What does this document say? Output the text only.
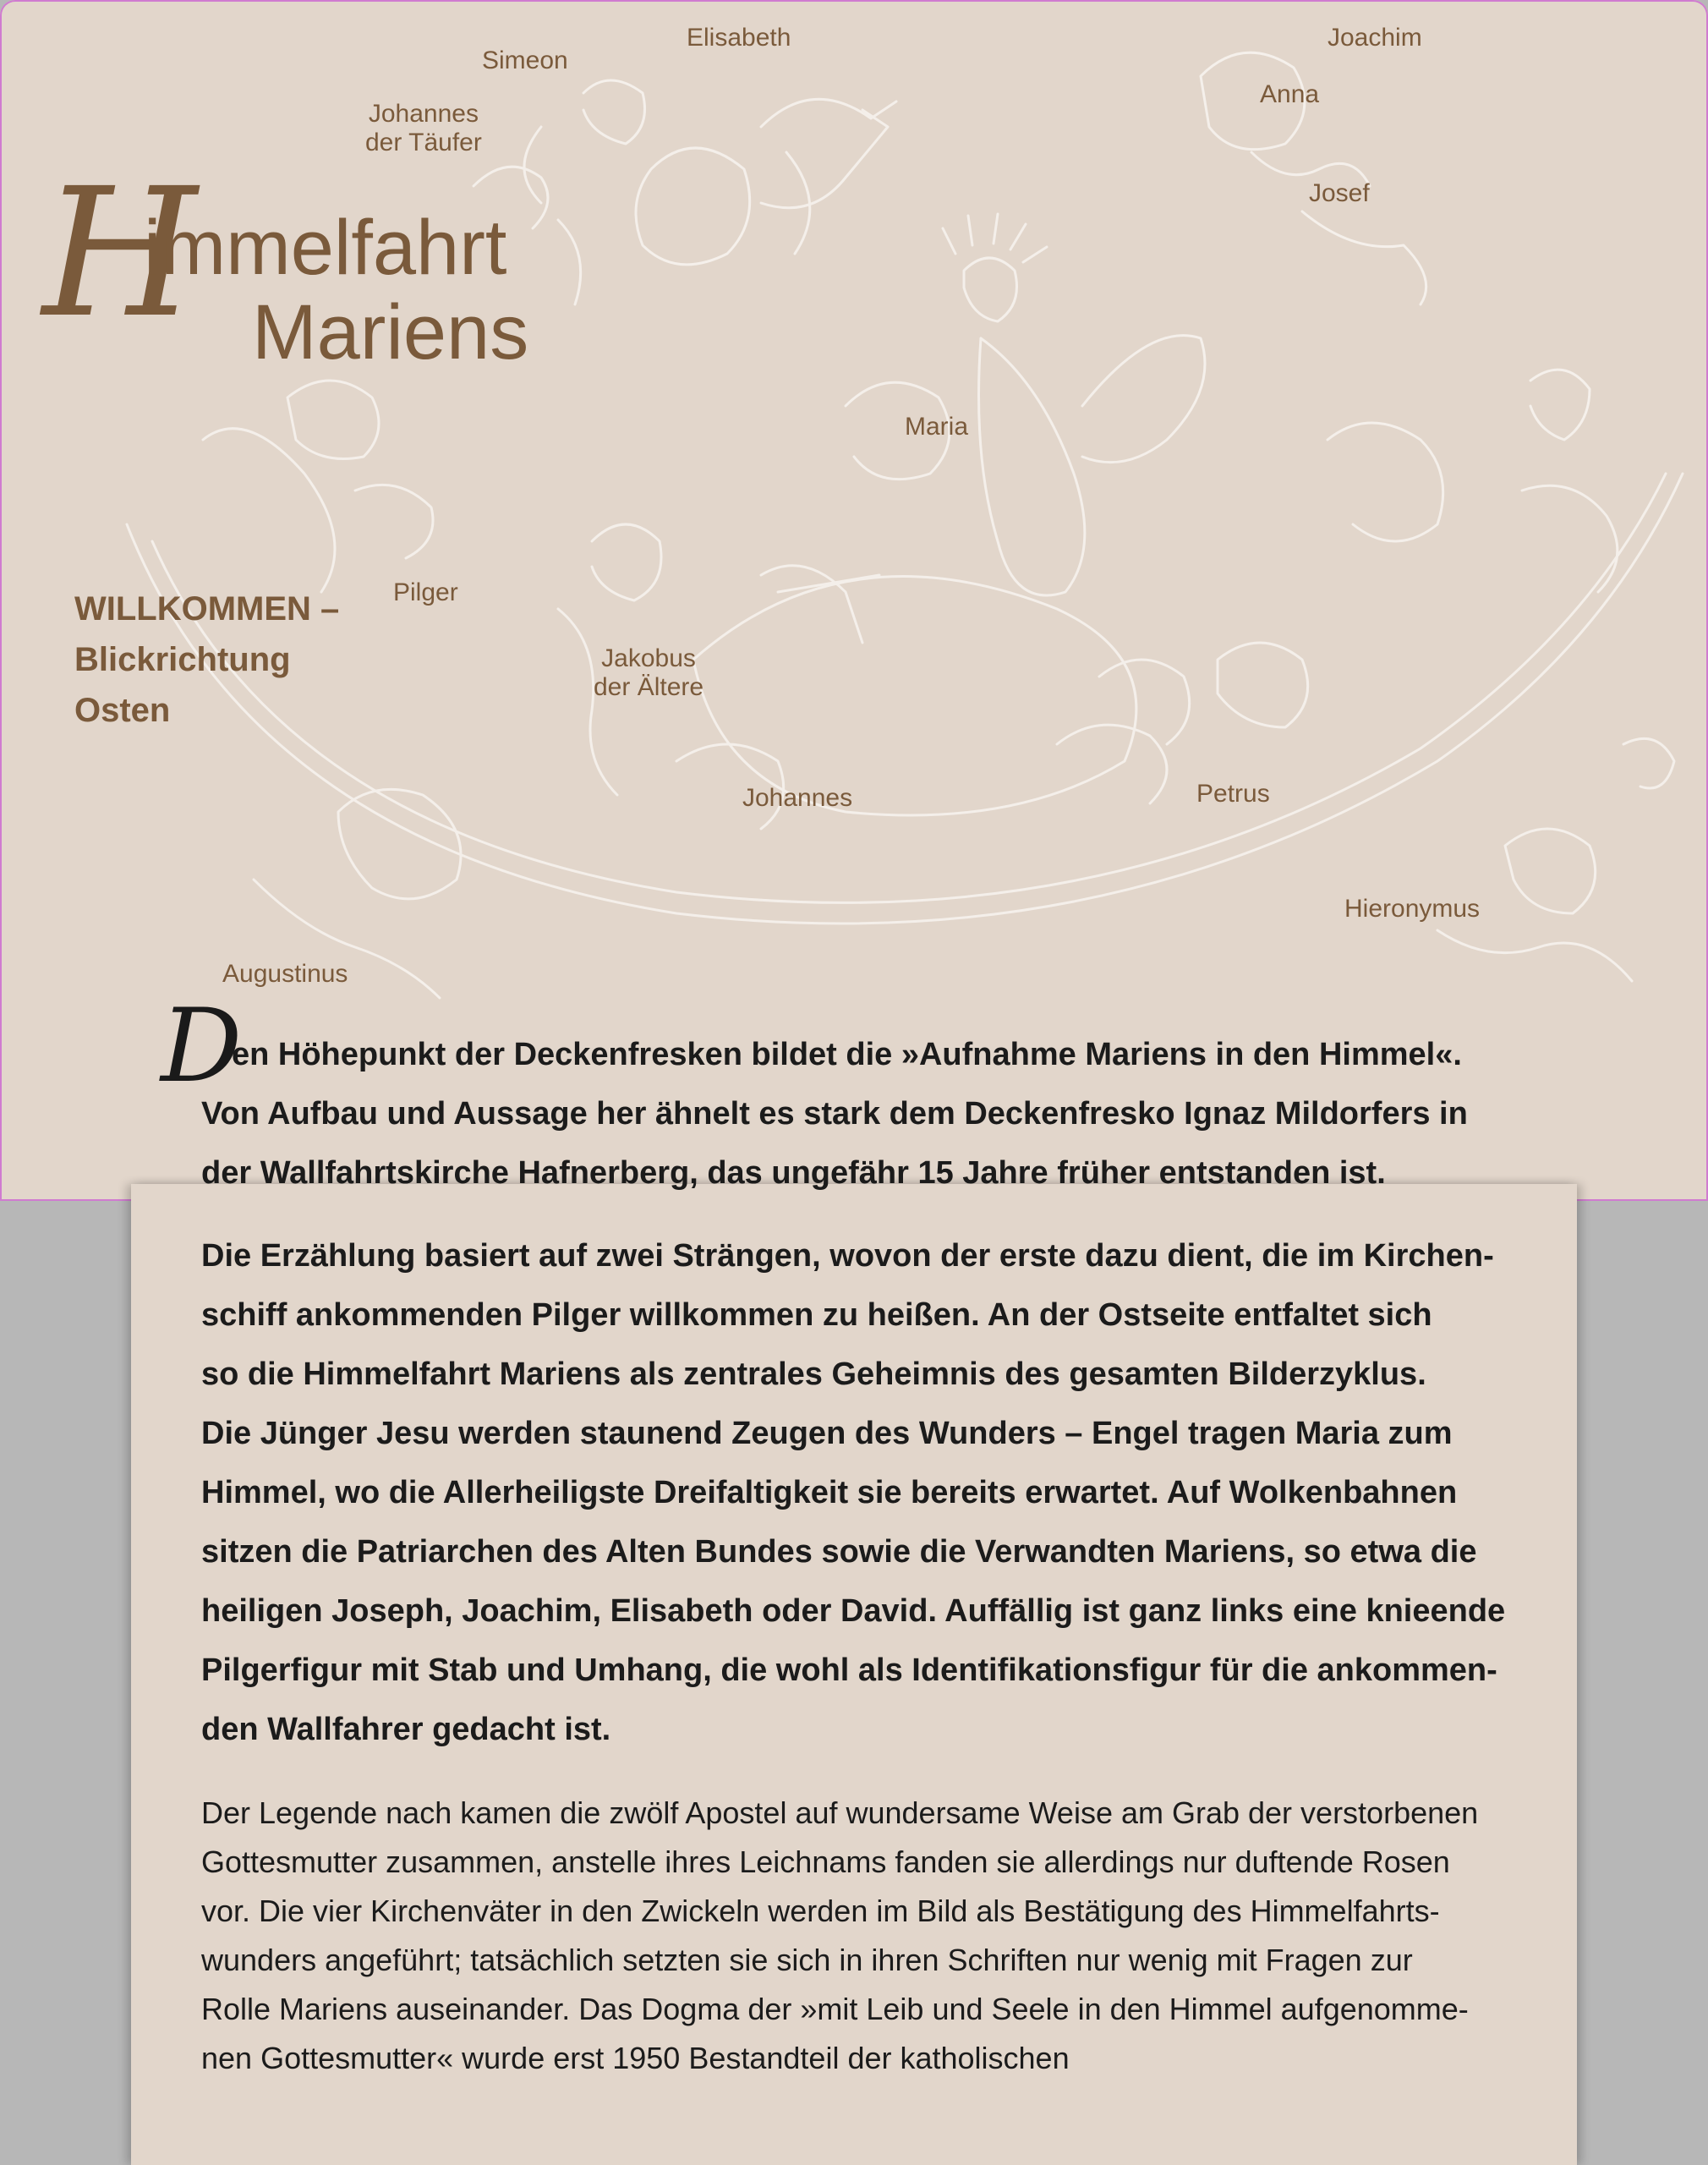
Simeon
Elisabeth	Joachim
Anna
Johannes
der Täufer
Josef
Maria
Pilger
Jakobus
der Ältere
Johannes	Petrus
Hieronymus
Augustinus
H
immelfahrt
Mariens
WILLKOMMEN –
Blickrichtung
Osten
D
en Höhepunkt der Deckenfresken bildet die »Aufnahme Mariens in den Himmel«.
Von Aufbau und Aussage her ähnelt es stark dem Deckenfresko Ignaz Mildorfers in
der Wallfahrtskirche Hafnerberg, das ungefähr 15 Jahre früher entstanden ist.
Die Erzählung basiert auf zwei Strängen, wovon der erste dazu dient, die im Kirchen-
schiff ankommenden Pilger willkommen zu heißen. An der Ostseite entfaltet sich
so die Himmelfahrt Mariens als zentrales Geheimnis des gesamten Bilderzyklus.
Die Jünger Jesu werden staunend Zeugen des Wunders – Engel tragen Maria zum
Himmel, wo die Allerheiligste Dreifaltigkeit sie bereits erwartet. Auf Wolkenbahnen
sitzen die Patriarchen des Alten Bundes sowie die Verwandten Mariens, so etwa die
heiligen Joseph, Joachim, Elisabeth oder David. Auffällig ist ganz links eine knieende
Pilgerfigur mit Stab und Umhang, die wohl als Identifikationsfigur für die ankommen-
den Wallfahrer gedacht ist.
Der Legende nach kamen die zwölf Apostel auf wundersame Weise am Grab der verstorbenen
Gottesmutter zusammen, anstelle ihres Leichnams fanden sie allerdings nur duftende Rosen
vor. Die vier Kirchenväter in den Zwickeln werden im Bild als Bestätigung des Himmelfahrts-
wunders angeführt; tatsächlich setzten sie sich in ihren Schriften nur wenig mit Fragen zur
Rolle Mariens auseinander. Das Dogma der »mit Leib und Seele in den Himmel aufgenomme-
nen Gottesmutter« wurde erst 1950 Bestandteil der katholischen
